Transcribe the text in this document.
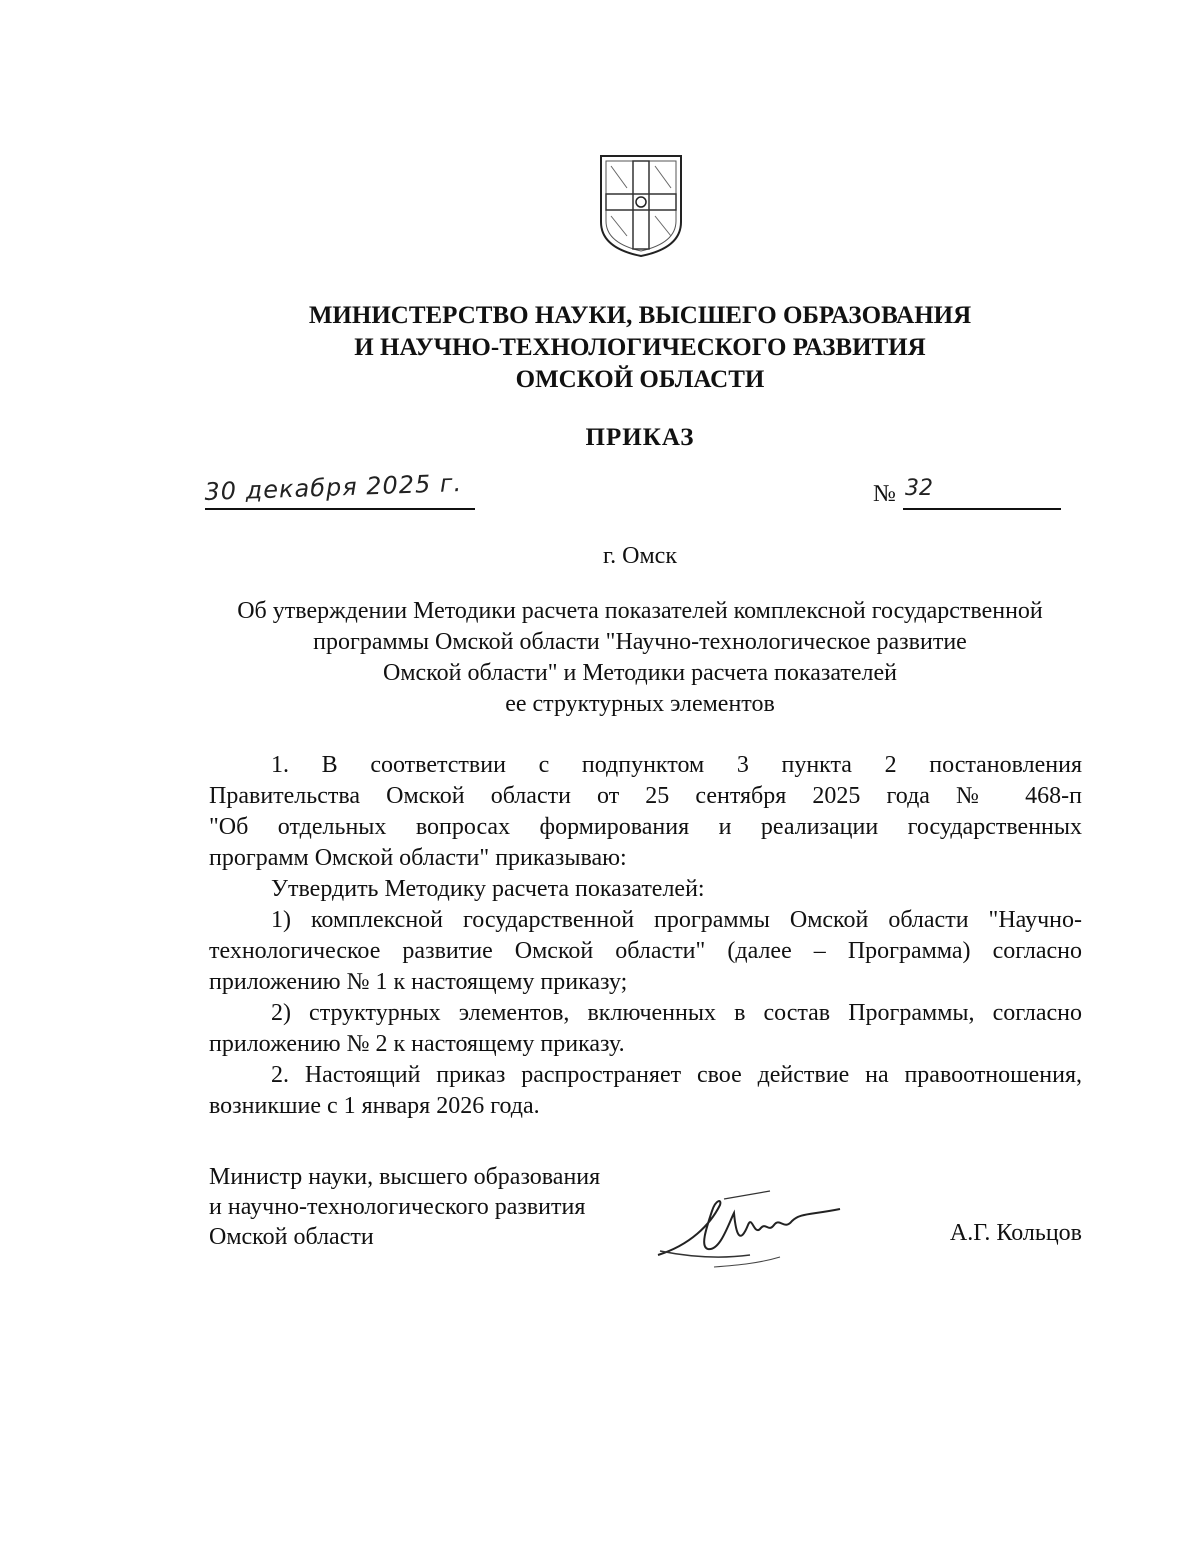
МИНИСТЕРСТВО НАУКИ, ВЫСШЕГО ОБРАЗОВАНИЯ
И НАУЧНО-ТЕХНОЛОГИЧЕСКОГО РАЗВИТИЯ
ОМСКОЙ ОБЛАСТИ
ПРИКАЗ
30 декабря 2025 г.	№ 32
г. Омск
Об утверждении Методики расчета показателей комплексной государственной
программы Омской области "Научно-технологическое развитие
Омской области" и Методики расчета показателей
ее структурных элементов
1. В соответствии с подпунктом 3 пункта 2 постановления
Правительства Омской области от 25 сентября 2025 года № 468-п
"Об отдельных вопросах формирования и реализации государственных
программ Омской области" приказываю:
Утвердить Методику расчета показателей:
1) комплексной государственной программы Омской области "Научно-
технологическое развитие Омской области" (далее – Программа) согласно
приложению № 1 к настоящему приказу;
2) структурных элементов, включенных в состав Программы, согласно
приложению № 2 к настоящему приказу.
2. Настоящий приказ распространяет свое действие на правоотношения,
возникшие с 1 января 2026 года.
Министр науки, высшего образования
и научно-технологического развития
Омской области	А.Г. Кольцов
